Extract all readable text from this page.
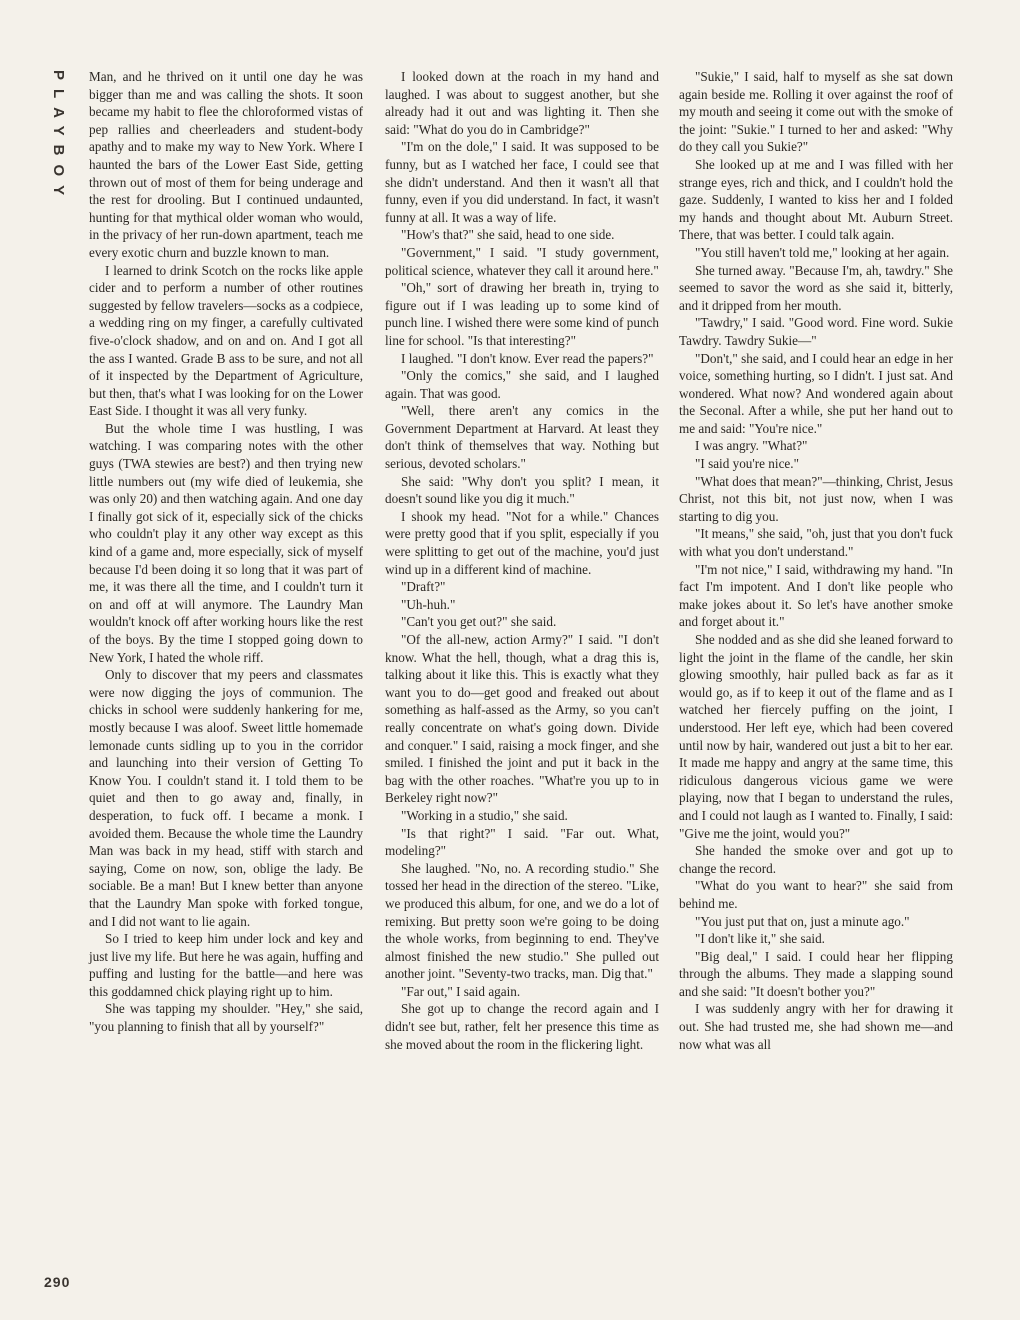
PLAYBOY
290

Man, and he thrived on it until one day he was bigger than me and was calling the shots. It soon became my habit to flee the chloroformed vistas of pep rallies and cheerleaders and student-body apathy and to make my way to New York. Where I haunted the bars of the Lower East Side, getting thrown out of most of them for being underage and the rest for drooling. But I continued undaunted, hunting for that mythical older woman who would, in the privacy of her run-down apartment, teach me every exotic churn and buzzle known to man.

I learned to drink Scotch on the rocks like apple cider and to perform a number of other routines suggested by fellow travelers—socks as a codpiece, a wedding ring on my finger, a carefully cultivated five-o'clock shadow, and on and on. And I got all the ass I wanted. Grade B ass to be sure, and not all of it inspected by the Department of Agriculture, but then, that's what I was looking for on the Lower East Side. I thought it was all very funky.

But the whole time I was hustling, I was watching. I was comparing notes with the other guys (TWA stewies are best?) and then trying new little numbers out (my wife died of leukemia, she was only 20) and then watching again. And one day I finally got sick of it, especially sick of the chicks who couldn't play it any other way except as this kind of a game and, more especially, sick of myself because I'd been doing it so long that it was part of me, it was there all the time, and I couldn't turn it on and off at will anymore. The Laundry Man wouldn't knock off after working hours like the rest of the boys. By the time I stopped going down to New York, I hated the whole riff.

Only to discover that my peers and classmates were now digging the joys of communion. The chicks in school were suddenly hankering for me, mostly because I was aloof. Sweet little homemade lemonade cunts sidling up to you in the corridor and launching into their version of Getting To Know You. I couldn't stand it. I told them to be quiet and then to go away and, finally, in desperation, to fuck off. I became a monk. I avoided them. Because the whole time the Laundry Man was back in my head, stiff with starch and saying, Come on now, son, oblige the lady. Be sociable. Be a man! But I knew better than anyone that the Laundry Man spoke with forked tongue, and I did not want to lie again.

So I tried to keep him under lock and key and just live my life. But here he was again, huffing and puffing and lusting for the battle—and here was this goddamned chick playing right up to him.

She was tapping my shoulder. "Hey," she said, "you planning to finish that all by yourself?"

I looked down at the roach in my hand and laughed. I was about to suggest another, but she already had it out and was lighting it. Then she said: "What do you do in Cambridge?"

"I'm on the dole," I said. It was supposed to be funny, but as I watched her face, I could see that she didn't understand. And then it wasn't all that funny, even if you did understand. In fact, it wasn't funny at all. It was a way of life.

"How's that?" she said, head to one side.

"Government," I said. "I study government, political science, whatever they call it around here."

"Oh," sort of drawing her breath in, trying to figure out if I was leading up to some kind of punch line. I wished there were some kind of punch line for school. "Is that interesting?"

I laughed. "I don't know. Ever read the papers?"

"Only the comics," she said, and I laughed again. That was good.

"Well, there aren't any comics in the Government Department at Harvard. At least they don't think of themselves that way. Nothing but serious, devoted scholars."

She said: "Why don't you split? I mean, it doesn't sound like you dig it much."

I shook my head. "Not for a while." Chances were pretty good that if you split, especially if you were splitting to get out of the machine, you'd just wind up in a different kind of machine.

"Draft?"

"Uh-huh."

"Can't you get out?" she said.

"Of the all-new, action Army?" I said. "I don't know. What the hell, though, what a drag this is, talking about it like this. This is exactly what they want you to do—get good and freaked out about something as half-assed as the Army, so you can't really concentrate on what's going down. Divide and conquer." I said, raising a mock finger, and she smiled. I finished the joint and put it back in the bag with the other roaches. "What're you up to in Berkeley right now?"

"Working in a studio," she said.

"Is that right?" I said. "Far out. What, modeling?"

She laughed. "No, no. A recording studio." She tossed her head in the direction of the stereo. "Like, we produced this album, for one, and we do a lot of remixing. But pretty soon we're going to be doing the whole works, from beginning to end. They've almost finished the new studio." She pulled out another joint. "Seventy-two tracks, man. Dig that."

"Far out," I said again.

She got up to change the record again and I didn't see but, rather, felt her presence this time as she moved about the room in the flickering light.

"Sukie," I said, half to myself as she sat down again beside me. Rolling it over against the roof of my mouth and seeing it come out with the smoke of the joint: "Sukie." I turned to her and asked: "Why do they call you Sukie?"

She looked up at me and I was filled with her strange eyes, rich and thick, and I couldn't hold the gaze. Suddenly, I wanted to kiss her and I folded my hands and thought about Mt. Auburn Street. There, that was better. I could talk again.

"You still haven't told me," looking at her again.

She turned away. "Because I'm, ah, tawdry." She seemed to savor the word as she said it, bitterly, and it dripped from her mouth.

"Tawdry," I said. "Good word. Fine word. Sukie Tawdry. Tawdry Sukie—"

"Don't," she said, and I could hear an edge in her voice, something hurting, so I didn't. I just sat. And wondered. What now? And wondered again about the Seconal. After a while, she put her hand out to me and said: "You're nice."

I was angry. "What?"

"I said you're nice."

"What does that mean?"—thinking, Christ, Jesus Christ, not this bit, not just now, when I was starting to dig you.

"It means," she said, "oh, just that you don't fuck with what you don't understand."

"I'm not nice," I said, withdrawing my hand. "In fact I'm impotent. And I don't like people who make jokes about it. So let's have another smoke and forget about it."

She nodded and as she did she leaned forward to light the joint in the flame of the candle, her skin glowing smoothly, hair pulled back as far as it would go, as if to keep it out of the flame and as I watched her fiercely puffing on the joint, I understood. Her left eye, which had been covered until now by hair, wandered out just a bit to her ear. It made me happy and angry at the same time, this ridiculous dangerous vicious game we were playing, now that I began to understand the rules, and I could not laugh as I wanted to. Finally, I said: "Give me the joint, would you?"

She handed the smoke over and got up to change the record.

"What do you want to hear?" she said from behind me.

"You just put that on, just a minute ago."

"I don't like it," she said.

"Big deal," I said. I could hear her flipping through the albums. They made a slapping sound and she said: "It doesn't bother you?"

I was suddenly angry with her for drawing it out. She had trusted me, she had shown me—and now what was all
